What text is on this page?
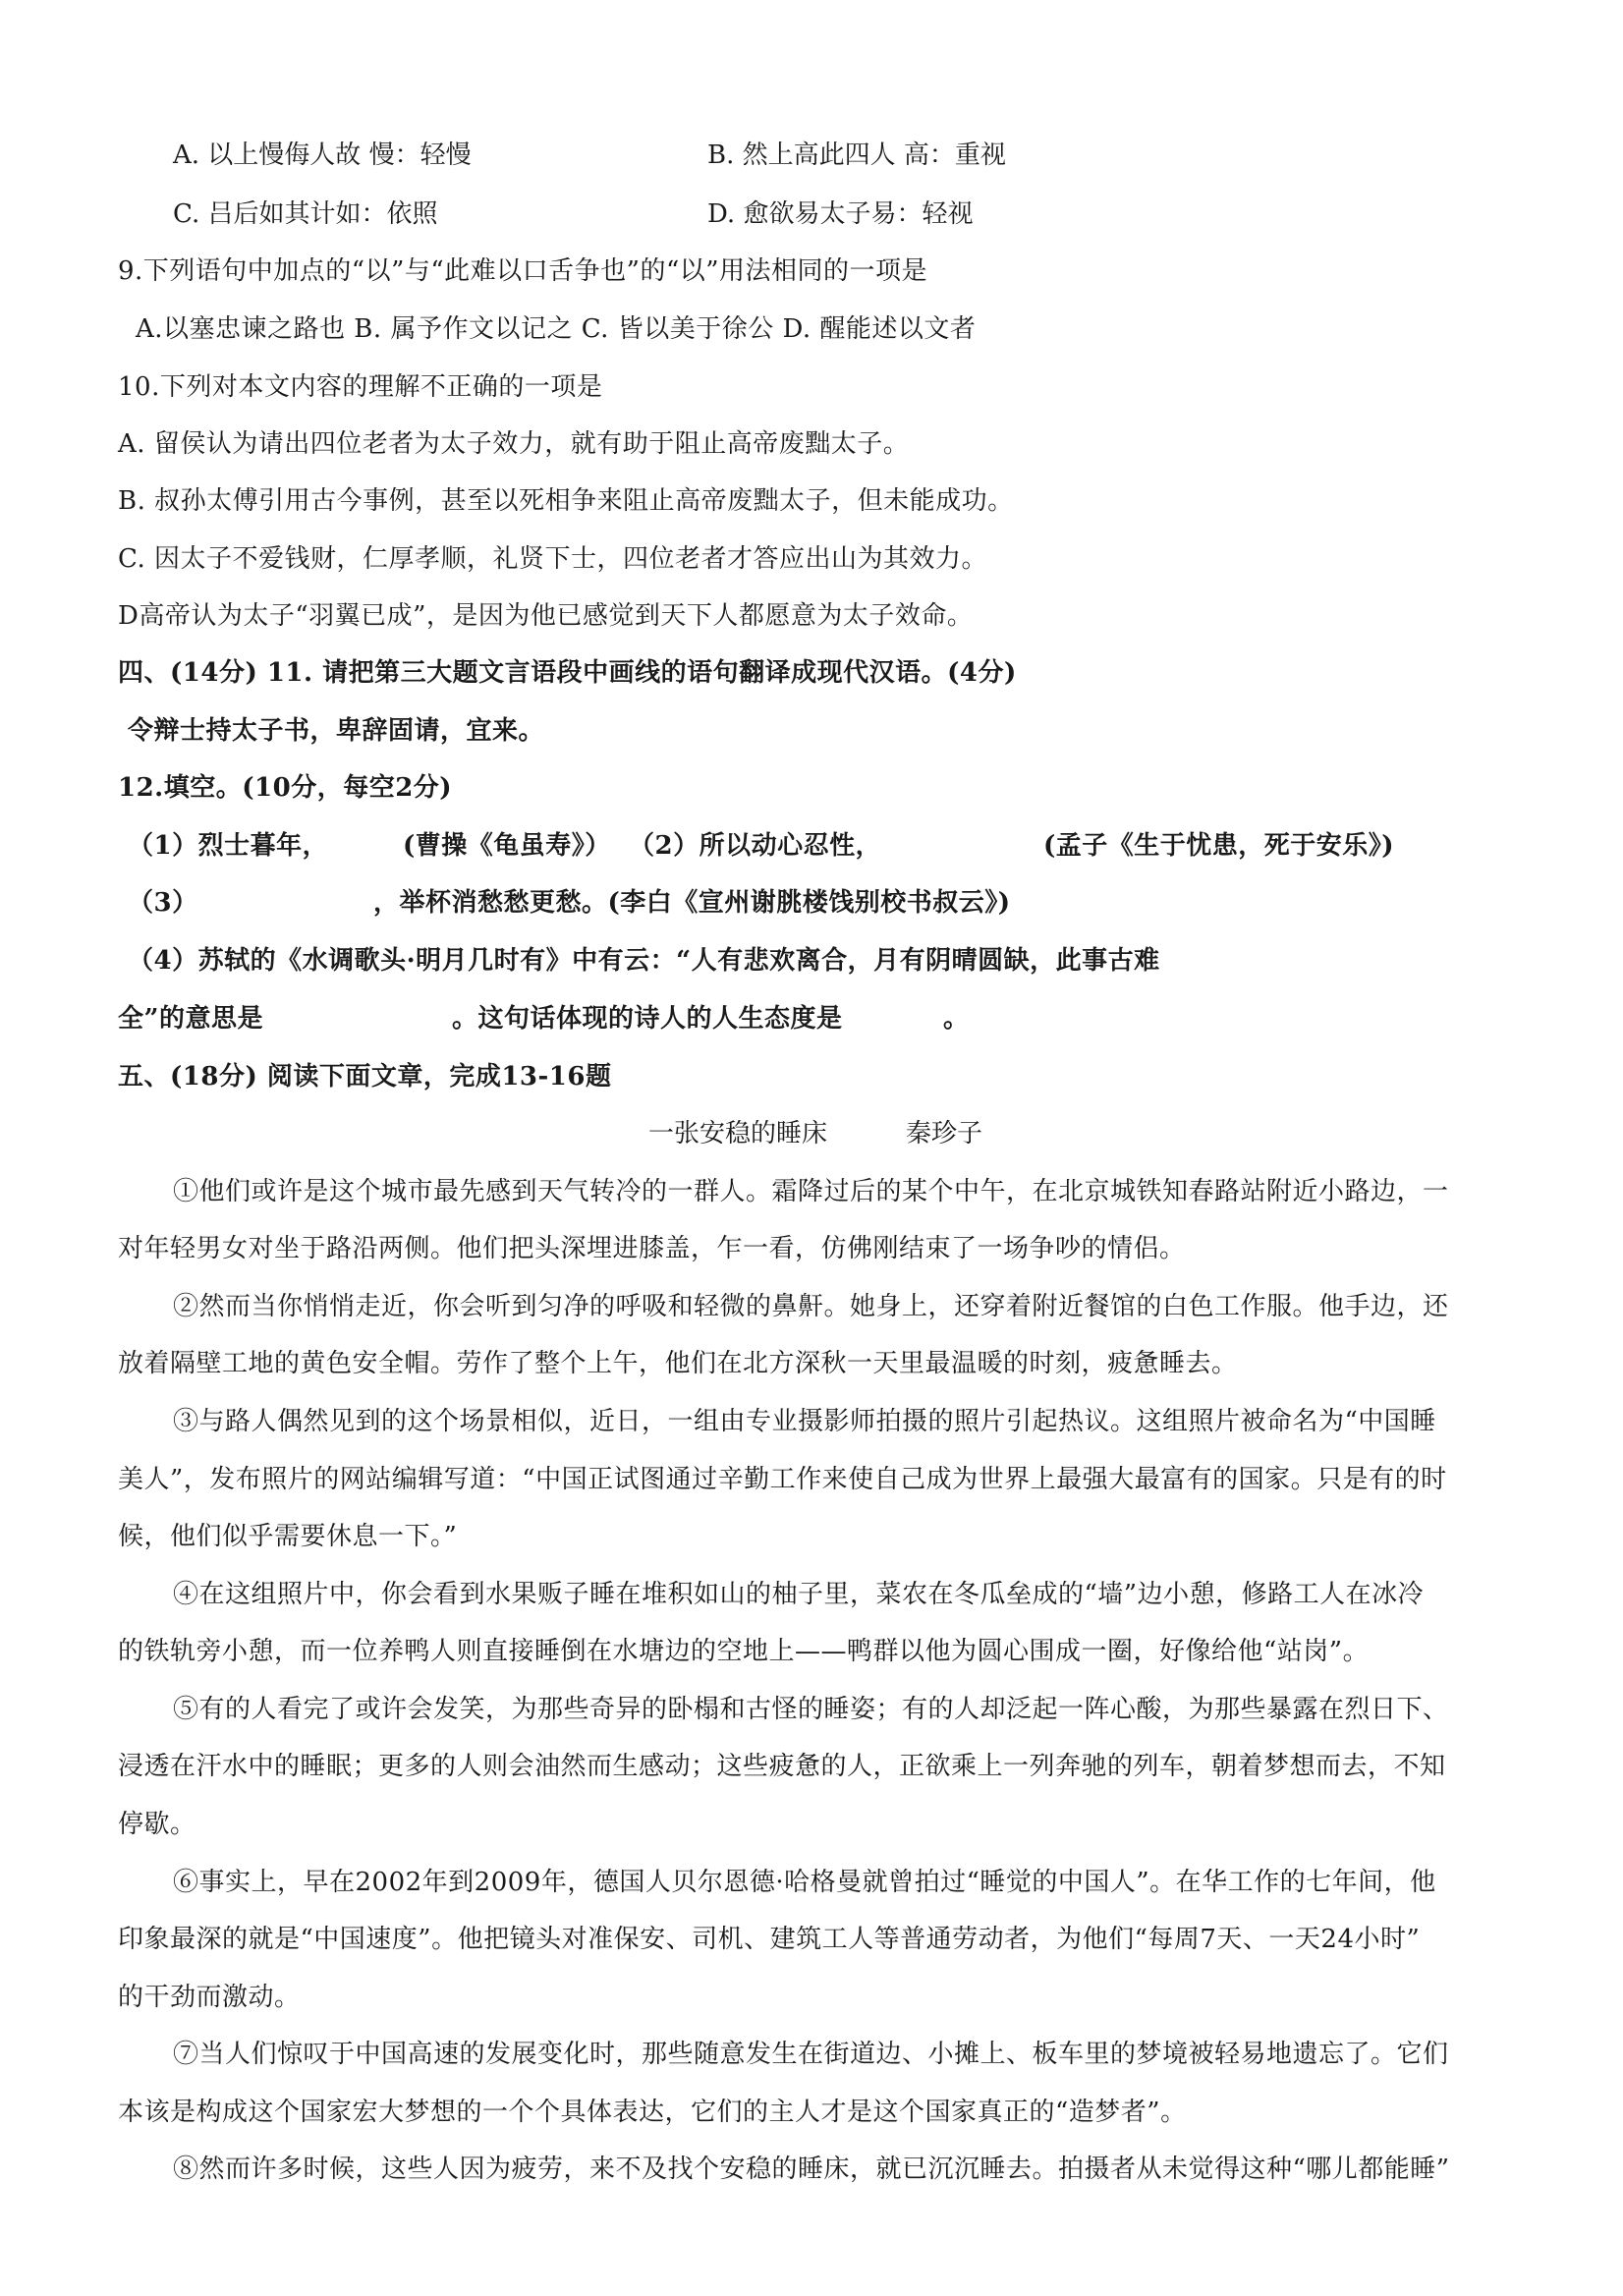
A. 以上慢侮人故 慢：轻慢	B. 然上高此四人 高：重视
C. 吕后如其计如：依照	D. 愈欲易太子易：轻视
9.下列语句中加点的“以”与“此难以口舌争也”的“以”用法相同的一项是
A.以塞忠谏之路也 B. 属予作文以记之 C. 皆以美于徐公 D. 醒能述以文者
10.下列对本文内容的理解不正确的一项是
A. 留侯认为请出四位老者为太子效力，就有助于阻止高帝废黜太子。
B. 叔孙太傅引用古今事例，甚至以死相争来阻止高帝废黜太子，但未能成功。
C. 因太子不爱钱财，仁厚孝顺，礼贤下士，四位老者才答应出山为其效力。
D高帝认为太子“羽翼已成”，是因为他已感觉到天下人都愿意为太子效命。
四、(14分) 11. 请把第三大题文言语段中画线的语句翻译成现代汉语。(4分)
令辩士持太子书，卑辞固请，宜来。
12.填空。(10分，每空2分)
（1）烈士暮年，	(曹操《龟虽寿》） （2）所以动心忍性，	(孟子《生于忧患，死于安乐》)
（3）	，举杯消愁愁更愁。(李白《宣州谢朓楼饯别校书叔云》)
（4）苏轼的《水调歌头·明月几时有》中有云：“人有悲欢离合，月有阴晴圆缺，此事古难
全”的意思是	。这句话体现的诗人的人生态度是	。
五、(18分) 阅读下面文章，完成13-16题
一张安稳的睡床	秦珍子
①他们或许是这个城市最先感到天气转冷的一群人。霜降过后的某个中午，在北京城铁知春路站附近小路边，一
对年轻男女对坐于路沿两侧。他们把头深埋进膝盖，乍一看，仿佛刚结束了一场争吵的情侣。
②然而当你悄悄走近，你会听到匀净的呼吸和轻微的鼻鼾。她身上，还穿着附近餐馆的白色工作服。他手边，还
放着隔壁工地的黄色安全帽。劳作了整个上午，他们在北方深秋一天里最温暖的时刻，疲惫睡去。
③与路人偶然见到的这个场景相似，近日，一组由专业摄影师拍摄的照片引起热议。这组照片被命名为“中国睡
美人”，发布照片的网站编辑写道：“中国正试图通过辛勤工作来使自己成为世界上最强大最富有的国家。只是有的时
候，他们似乎需要休息一下。”
④在这组照片中，你会看到水果贩子睡在堆积如山的柚子里，菜农在冬瓜垒成的“墙”边小憩，修路工人在冰冷
的铁轨旁小憩，而一位养鸭人则直接睡倒在水塘边的空地上——鸭群以他为圆心围成一圈，好像给他“站岗”。
⑤有的人看完了或许会发笑，为那些奇异的卧榻和古怪的睡姿；有的人却泛起一阵心酸，为那些暴露在烈日下、
浸透在汗水中的睡眠；更多的人则会油然而生感动；这些疲惫的人，正欲乘上一列奔驰的列车，朝着梦想而去，不知
停歇。
⑥事实上，早在2002年到2009年，德国人贝尔恩德·哈格曼就曾拍过“睡觉的中国人”。在华工作的七年间，他
印象最深的就是“中国速度”。他把镜头对准保安、司机、建筑工人等普通劳动者，为他们“每周7天、一天24小时”
的干劲而激动。
⑦当人们惊叹于中国高速的发展变化时，那些随意发生在街道边、小摊上、板车里的梦境被轻易地遗忘了。它们
本该是构成这个国家宏大梦想的一个个具体表达，它们的主人才是这个国家真正的“造梦者”。
⑧然而许多时候，这些人因为疲劳，来不及找个安稳的睡床，就已沉沉睡去。拍摄者从未觉得这种“哪儿都能睡”
